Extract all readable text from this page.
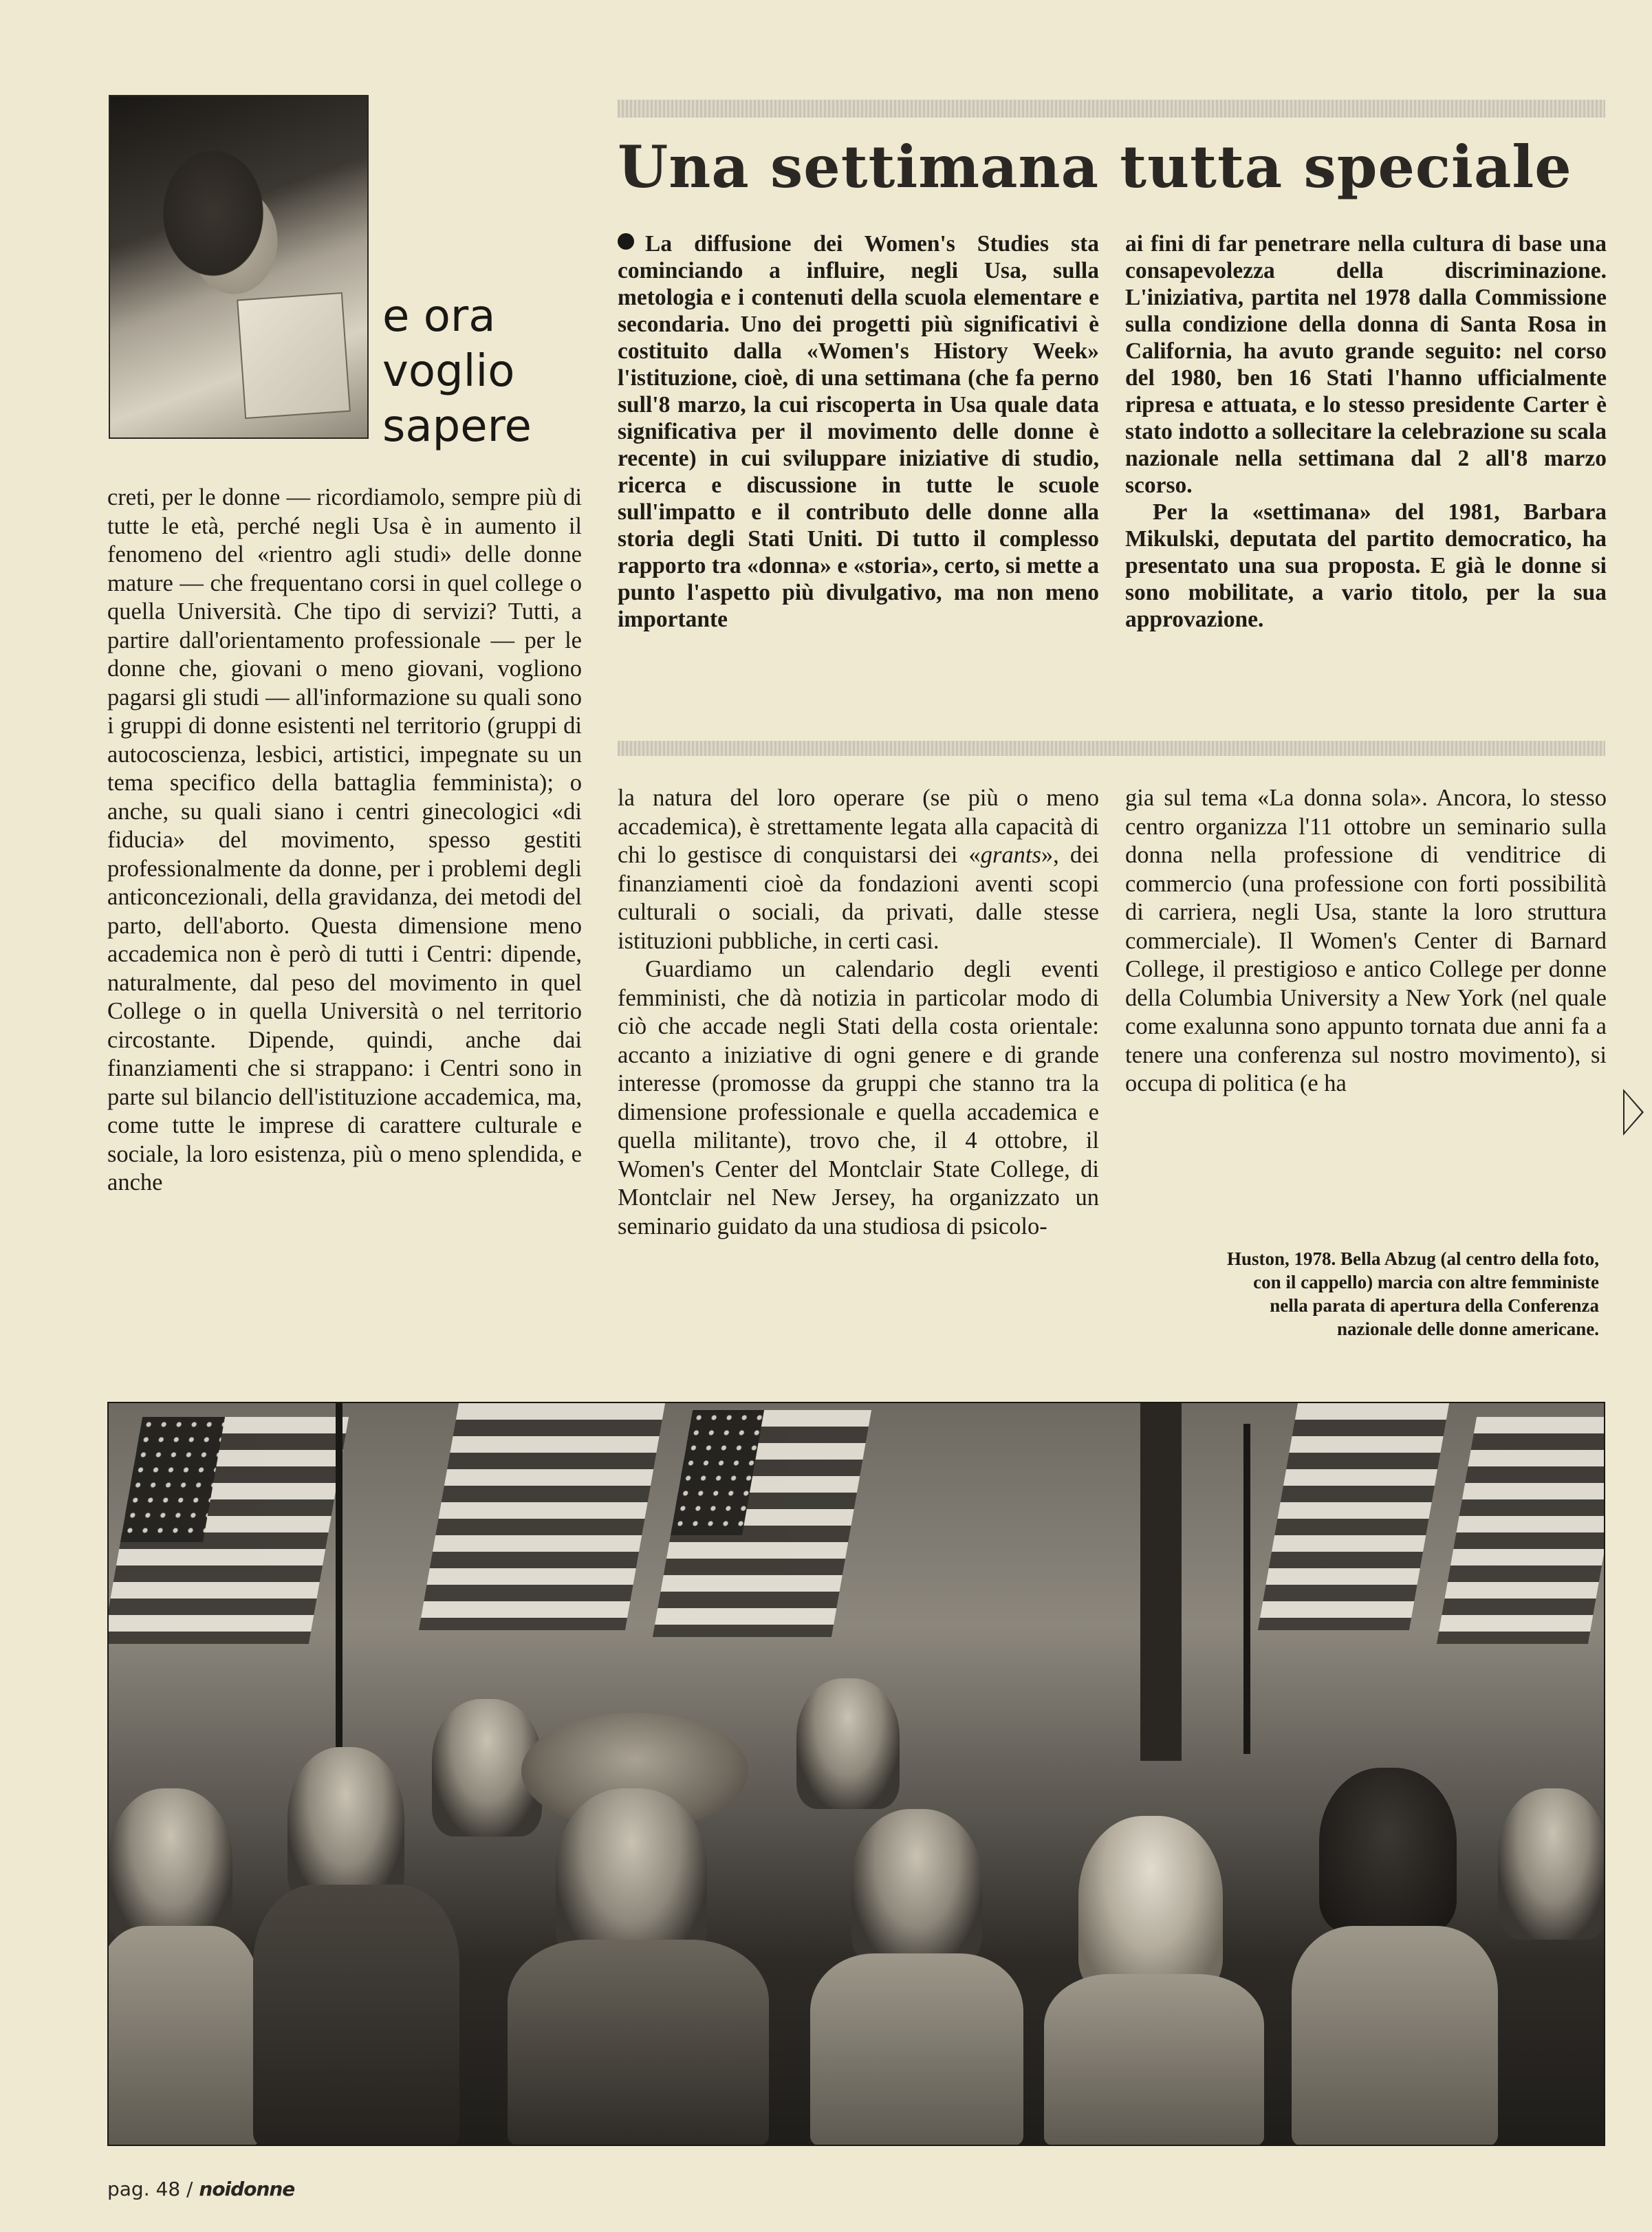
e ora
voglio
sapere

creti, per le donne — ricordiamolo, sempre più di tutte le età, perché negli Usa è in aumento il fenomeno del «rientro agli studi» delle donne mature — che frequentano corsi in quel college o quella Università. Che tipo di servizi? Tutti, a partire dall'orientamento professionale — per le donne che, giovani o meno giovani, vogliono pagarsi gli studi — all'informazione su quali sono i gruppi di donne esistenti nel territorio (gruppi di autocoscienza, lesbici, artistici, impegnate su un tema specifico della battaglia femminista); o anche, su quali siano i centri ginecologici «di fiducia» del movimento, spesso gestiti professionalmente da donne, per i problemi degli anticoncezionali, della gravidanza, dei metodi del parto, dell'aborto. Questa dimensione meno accademica non è però di tutti i Centri: dipende, naturalmente, dal peso del movimento in quel College o in quella Università o nel territorio circostante. Dipende, quindi, anche dai finanziamenti che si strappano: i Centri sono in parte sul bilancio dell'istituzione accademica, ma, come tutte le imprese di carattere culturale e sociale, la loro esistenza, più o meno splendida, e anche

Una settimana tutta speciale

La diffusione dei Women's Studies sta cominciando a influire, negli Usa, sulla metologia e i contenuti della scuola elementare e secondaria. Uno dei progetti più significativi è costituito dalla «Women's History Week» l'istituzione, cioè, di una settimana (che fa perno sull'8 marzo, la cui riscoperta in Usa quale data significativa per il movimento delle donne è recente) in cui sviluppare iniziative di studio, ricerca e discussione in tutte le scuole sull'impatto e il contributo delle donne alla storia degli Stati Uniti. Di tutto il complesso rapporto tra «donna» e «storia», certo, si mette a punto l'aspetto più divulgativo, ma non meno importante

ai fini di far penetrare nella cultura di base una consapevolezza della discriminazione. L'iniziativa, partita nel 1978 dalla Commissione sulla condizione della donna di Santa Rosa in California, ha avuto grande seguito: nel corso del 1980, ben 16 Stati l'hanno ufficialmente ripresa e attuata, e lo stesso presidente Carter è stato indotto a sollecitare la celebrazione su scala nazionale nella settimana dal 2 all'8 marzo scorso.

Per la «settimana» del 1981, Barbara Mikulski, deputata del partito democratico, ha presentato una sua proposta. E già le donne si sono mobilitate, a vario titolo, per la sua approvazione.

la natura del loro operare (se più o meno accademica), è strettamente legata alla capacità di chi lo gestisce di conquistarsi dei «grants», dei finanziamenti cioè da fondazioni aventi scopi culturali o sociali, da privati, dalle stesse istituzioni pubbliche, in certi casi.

Guardiamo un calendario degli eventi femministi, che dà notizia in particolar modo di ciò che accade negli Stati della costa orientale: accanto a iniziative di ogni genere e di grande interesse (promosse da gruppi che stanno tra la dimensione professionale e quella accademica e quella militante), trovo che, il 4 ottobre, il Women's Center del Montclair State College, di Montclair nel New Jersey, ha organizzato un seminario guidato da una studiosa di psicolo-

gia sul tema «La donna sola». Ancora, lo stesso centro organizza l'11 ottobre un seminario sulla donna nella professione di venditrice di commercio (una professione con forti possibilità di carriera, negli Usa, stante la loro struttura commerciale). Il Women's Center di Barnard College, il prestigioso e antico College per donne della Columbia University a New York (nel quale come exalunna sono appunto tornata due anni fa a tenere una conferenza sul nostro movimento), si occupa di politica (e ha

Huston, 1978. Bella Abzug (al centro della foto, con il cappello) marcia con altre femministe nella parata di apertura della Conferenza nazionale delle donne americane.

pag. 48 / noidonne
